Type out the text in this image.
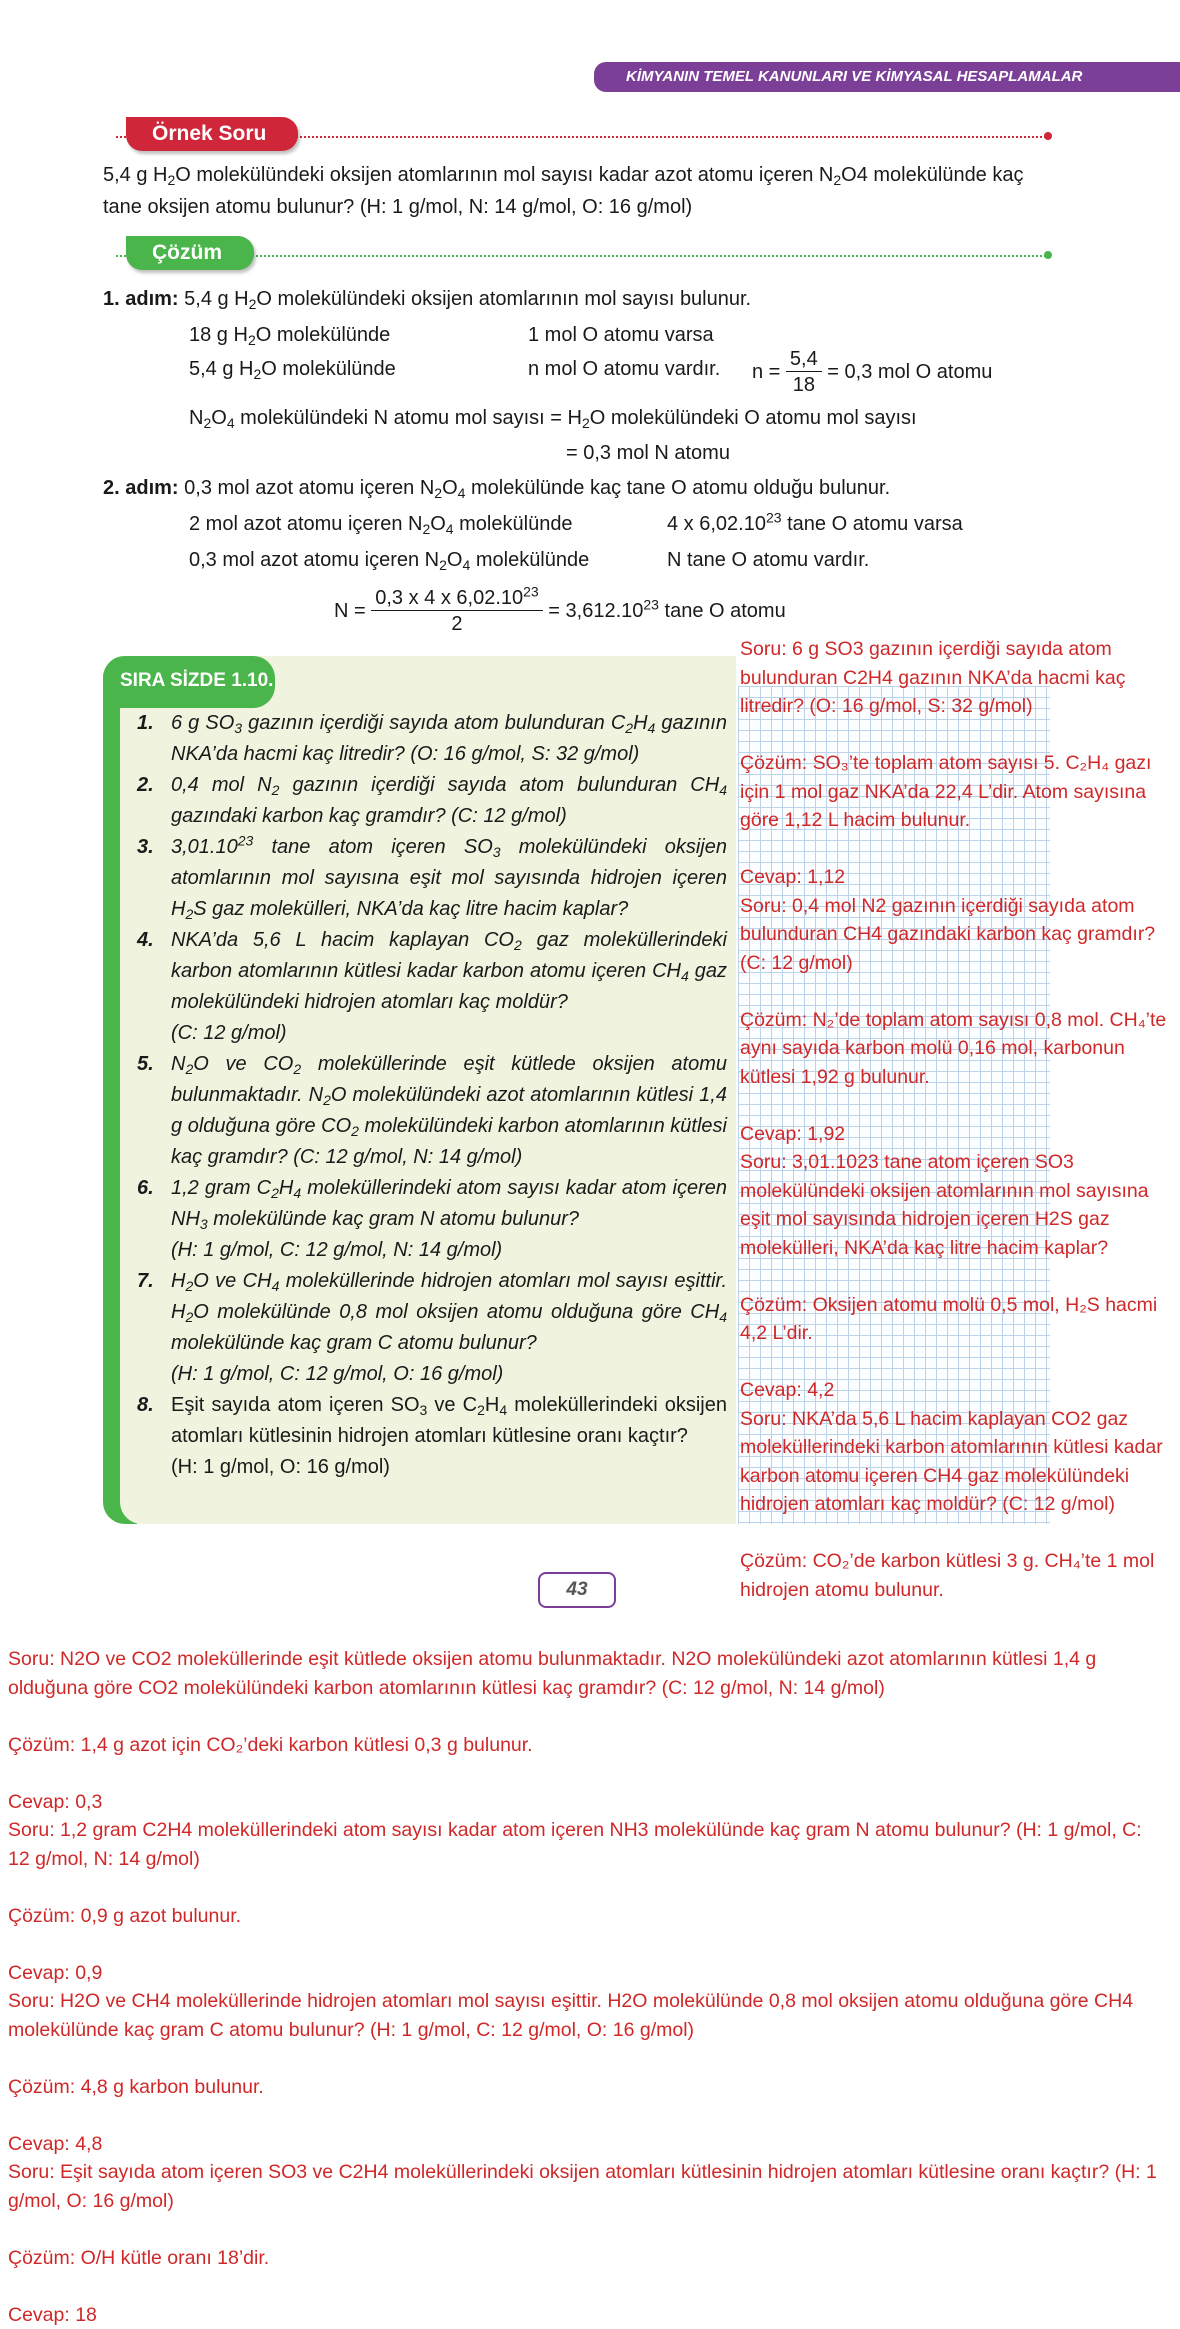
KİMYANIN TEMEL KANUNLARI VE KİMYASAL HESAPLAMALAR
Örnek Soru
5,4 g $H_2O$ molekülündeki oksijen atomlarının mol sayısı kadar azot atomu içeren $N_2O4$ molekülünde kaç
tane oksijen atomu bulunur? (H: 1 g/mol, N: 14 g/mol, O: 16 g/mol)
Çözüm
1. adım: 5,4 g $H_2O$ molekülündeki oksijen atomlarının mol sayısı bulunur.
18 g $H_2O$ molekülünde	1 mol O atomu varsa
5,4 g $H_2O$ molekülünde	n mol O atomu vardır. $n = \frac{5,4}{18} = 0,3$ mol O atomu
$N_2O_4$ molekülündeki N atomu mol sayısı = $H_2O$ molekülündeki O atomu mol sayısı
= 0,3 mol N atomu
2. adım: 0,3 mol azot atomu içeren $N_2O_4$ molekülünde kaç tane O atomu olduğu bulunur.
2 mol azot atomu içeren $N_2O_4$ molekülünde	4 x 6,02.10$^{23}$ tane O atomu varsa
0,3 mol azot atomu içeren $N_2O_4$ molekülünde	N tane O atomu vardır.
$N = \frac{0,3 x 4 x 6,02.10^{23}}{2} = 3,612.10^{23}$ tane O atomu
SIRA SİZDE 1.10.
1. 6 g $SO_3$ gazının içerdiği sayıda atom bulunduran $C_2H_4$ gazının NKA’da hacmi kaç litredir? (O: 16 g/mol, S: 32 g/mol)
2. 0,4 mol $N_2$ gazının içerdiği sayıda atom bulunduran $CH_4$ gazındaki karbon kaç gramdır? (C: 12 g/mol)
3. 3,01.10$^{23}$ tane atom içeren $SO_3$ molekülündeki oksijen atomlarının mol sayısına eşit mol sayısında hidrojen içeren $H_2S$ gaz molekülleri, NKA’da kaç litre hacim kaplar?
4. NKA’da 5,6 L hacim kaplayan $CO_2$ gaz moleküllerindeki karbon atomlarının kütlesi kadar karbon atomu içeren $CH_4$ gaz molekülündeki hidrojen atomları kaç moldür?
(C: 12 g/mol)
5. $N_2O$ ve $CO_2$ moleküllerinde eşit kütlede oksijen atomu bulunmaktadır. $N_2O$ molekülündeki azot atomlarının kütlesi 1,4 g olduğuna göre $CO_2$ molekülündeki karbon atomlarının kütlesi kaç gramdır? (C: 12 g/mol, N: 14 g/mol)
6. 1,2 gram $C_2H_4$ moleküllerindeki atom sayısı kadar atom içeren $NH_3$ molekülünde kaç gram N atomu bulunur?
(H: 1 g/mol, C: 12 g/mol, N: 14 g/mol)
7. $H_2O$ ve $CH_4$ moleküllerinde hidrojen atomları mol sayısı eşittir. $H_2O$ molekülünde 0,8 mol oksijen atomu olduğuna göre $CH_4$ molekülünde kaç gram C atomu bulunur?
(H: 1 g/mol, C: 12 g/mol, O: 16 g/mol)
8. Eşit sayıda atom içeren $SO_3$ ve $C_2H_4$ moleküllerindeki oksijen atomları kütlesinin hidrojen atomları kütlesine oranı kaçtır?
(H: 1 g/mol, O: 16 g/mol)
43

Soru: 6 g SO3 gazının içerdiği sayıda atom bulunduran C2H4 gazının NKA’da hacmi kaç litredir? (O: 16 g/mol, S: 32 g/mol)

Çözüm: SO₃’te toplam atom sayısı 5. C₂H₄ gazı için 1 mol gaz NKA’da 22,4 L’dir. Atom sayısına göre 1,12 L hacim bulunur.

Cevap: 1,12

Soru: 0,4 mol N2 gazının içerdiği sayıda atom bulunduran CH4 gazındaki karbon kaç gramdır? (C: 12 g/mol)

Çözüm: N₂’de toplam atom sayısı 0,8 mol. CH₄’te aynı sayıda karbon molü 0,16 mol, karbonun kütlesi 1,92 g bulunur.

Cevap: 1,92

Soru: 3,01.1023 tane atom içeren SO3 molekülündeki oksijen atomlarının mol sayısına eşit mol sayısında hidrojen içeren H2S gaz molekülleri, NKA’da kaç litre hacim kaplar?

Çözüm: Oksijen atomu molü 0,5 mol, H₂S hacmi 4,2 L’dir.

Cevap: 4,2

Soru: NKA’da 5,6 L hacim kaplayan CO2 gaz moleküllerindeki karbon atomlarının kütlesi kadar karbon atomu içeren CH4 gaz molekülündeki hidrojen atomları kaç moldür? (C: 12 g/mol)

Çözüm: CO₂’de karbon kütlesi 3 g. CH₄’te 1 mol hidrojen atomu bulunur.

Soru: N2O ve CO2 moleküllerinde eşit kütlede oksijen atomu bulunmaktadır. N2O molekülündeki azot atomlarının kütlesi 1,4 g olduğuna göre CO2 molekülündeki karbon atomlarının kütlesi kaç gramdır? (C: 12 g/mol, N: 14 g/mol)

Çözüm: 1,4 g azot için CO₂’deki karbon kütlesi 0,3 g bulunur.

Cevap: 0,3

Soru: 1,2 gram C2H4 moleküllerindeki atom sayısı kadar atom içeren NH3 molekülünde kaç gram N atomu bulunur? (H: 1 g/mol, C: 12 g/mol, N: 14 g/mol)

Çözüm: 0,9 g azot bulunur.

Cevap: 0,9

Soru: H2O ve CH4 moleküllerinde hidrojen atomları mol sayısı eşittir. H2O molekülünde 0,8 mol oksijen atomu olduğuna göre CH4 molekülünde kaç gram C atomu bulunur? (H: 1 g/mol, C: 12 g/mol, O: 16 g/mol)

Çözüm: 4,8 g karbon bulunur.

Cevap: 4,8

Soru: Eşit sayıda atom içeren SO3 ve C2H4 moleküllerindeki oksijen atomları kütlesinin hidrojen atomları kütlesine oranı kaçtır? (H: 1 g/mol, O: 16 g/mol)

Çözüm: O/H kütle oranı 18’dir.

Cevap: 18
